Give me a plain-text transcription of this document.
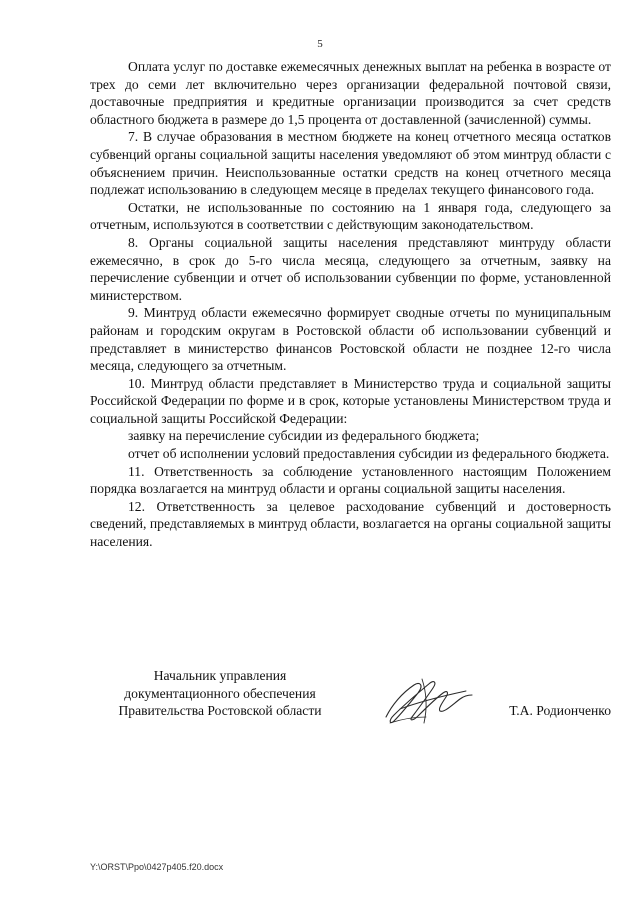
5

Оплата услуг по доставке ежемесячных денежных выплат на ребенка в возрасте от трех до семи лет включительно через организации федеральной почтовой связи, доставочные предприятия и кредитные организации производится за счет средств областного бюджета в размере до 1,5 процента от доставленной (зачисленной) суммы.

7. В случае образования в местном бюджете на конец отчетного месяца остатков субвенций органы социальной защиты населения уведомляют об этом минтруд области с объяснением причин. Неиспользованные остатки средств на конец отчетного месяца подлежат использованию в следующем месяце в пределах текущего финансового года.

Остатки, не использованные по состоянию на 1 января года, следующего за отчетным, используются в соответствии с действующим законодательством.

8. Органы социальной защиты населения представляют минтруду области ежемесячно, в срок до 5-го числа месяца, следующего за отчетным, заявку на перечисление субвенции и отчет об использовании субвенции по форме, установленной министерством.

9. Минтруд области ежемесячно формирует сводные отчеты по муниципальным районам и городским округам в Ростовской области об использовании субвенций и представляет в министерство финансов Ростовской области не позднее 12-го числа месяца, следующего за отчетным.

10. Минтруд области представляет в Министерство труда и социальной защиты Российской Федерации по форме и в срок, которые установлены Министерством труда и социальной защиты Российской Федерации:

заявку на перечисление субсидии из федерального бюджета;

отчет об исполнении условий предоставления субсидии из федерального бюджета.

11. Ответственность за соблюдение установленного настоящим Положением порядка возлагается на минтруд области и органы социальной защиты населения.

12. Ответственность за целевое расходование субвенций и достоверность сведений, представляемых в минтруд области, возлагается на органы социальной защиты населения.

Начальник управления
документационного обеспечения
Правительства Ростовской области	Т.А. Родионченко
Y:\ORST\Ppo\0427p405.f20.docx
